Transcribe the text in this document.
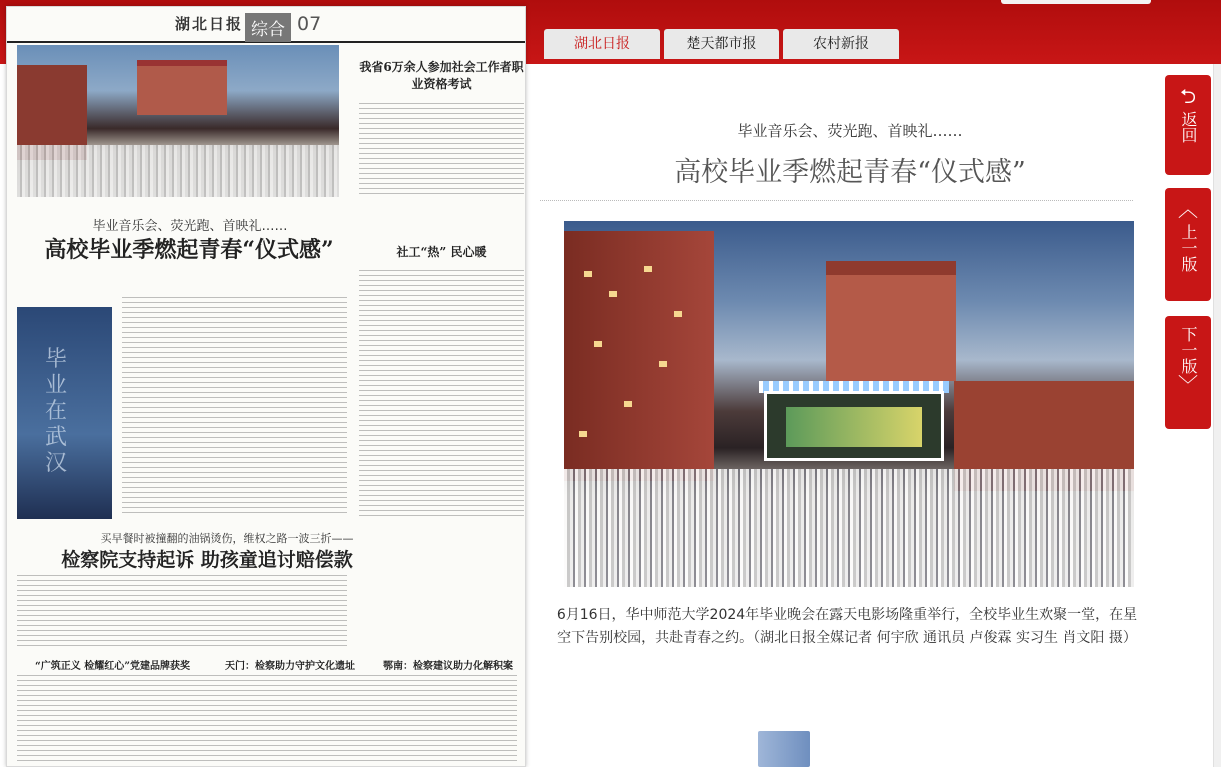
湖北日报 综合 07
我省6万余人参加社会工作者职业资格考试
社工“热” 民心暖
毕业音乐会、荧光跑、首映礼……
高校毕业季燃起青春“仪式感”
毕业在武汉
买早餐时被撞翻的油锅烫伤，维权之路一波三折——
检察院支持起诉 助孩童追讨赔偿款
“广筑正义 检耀红心”党建品牌获奖	天门：检察助力守护文化遗址	鄂南：检察建议助力化解积案
湖北日报	楚天都市报	农村新报
毕业音乐会、荧光跑、首映礼……
高校毕业季燃起青春“仪式感”
6月16日，华中师范大学2024年毕业晚会在露天电影场隆重举行，全校毕业生欢聚一堂，在星空下告别校园，共赴青春之约。（湖北日报全媒记者 何宇欣 通讯员 卢俊霖 实习生 肖文阳 摄）
⮌
返回
︿
上一版
下一版
﹀
